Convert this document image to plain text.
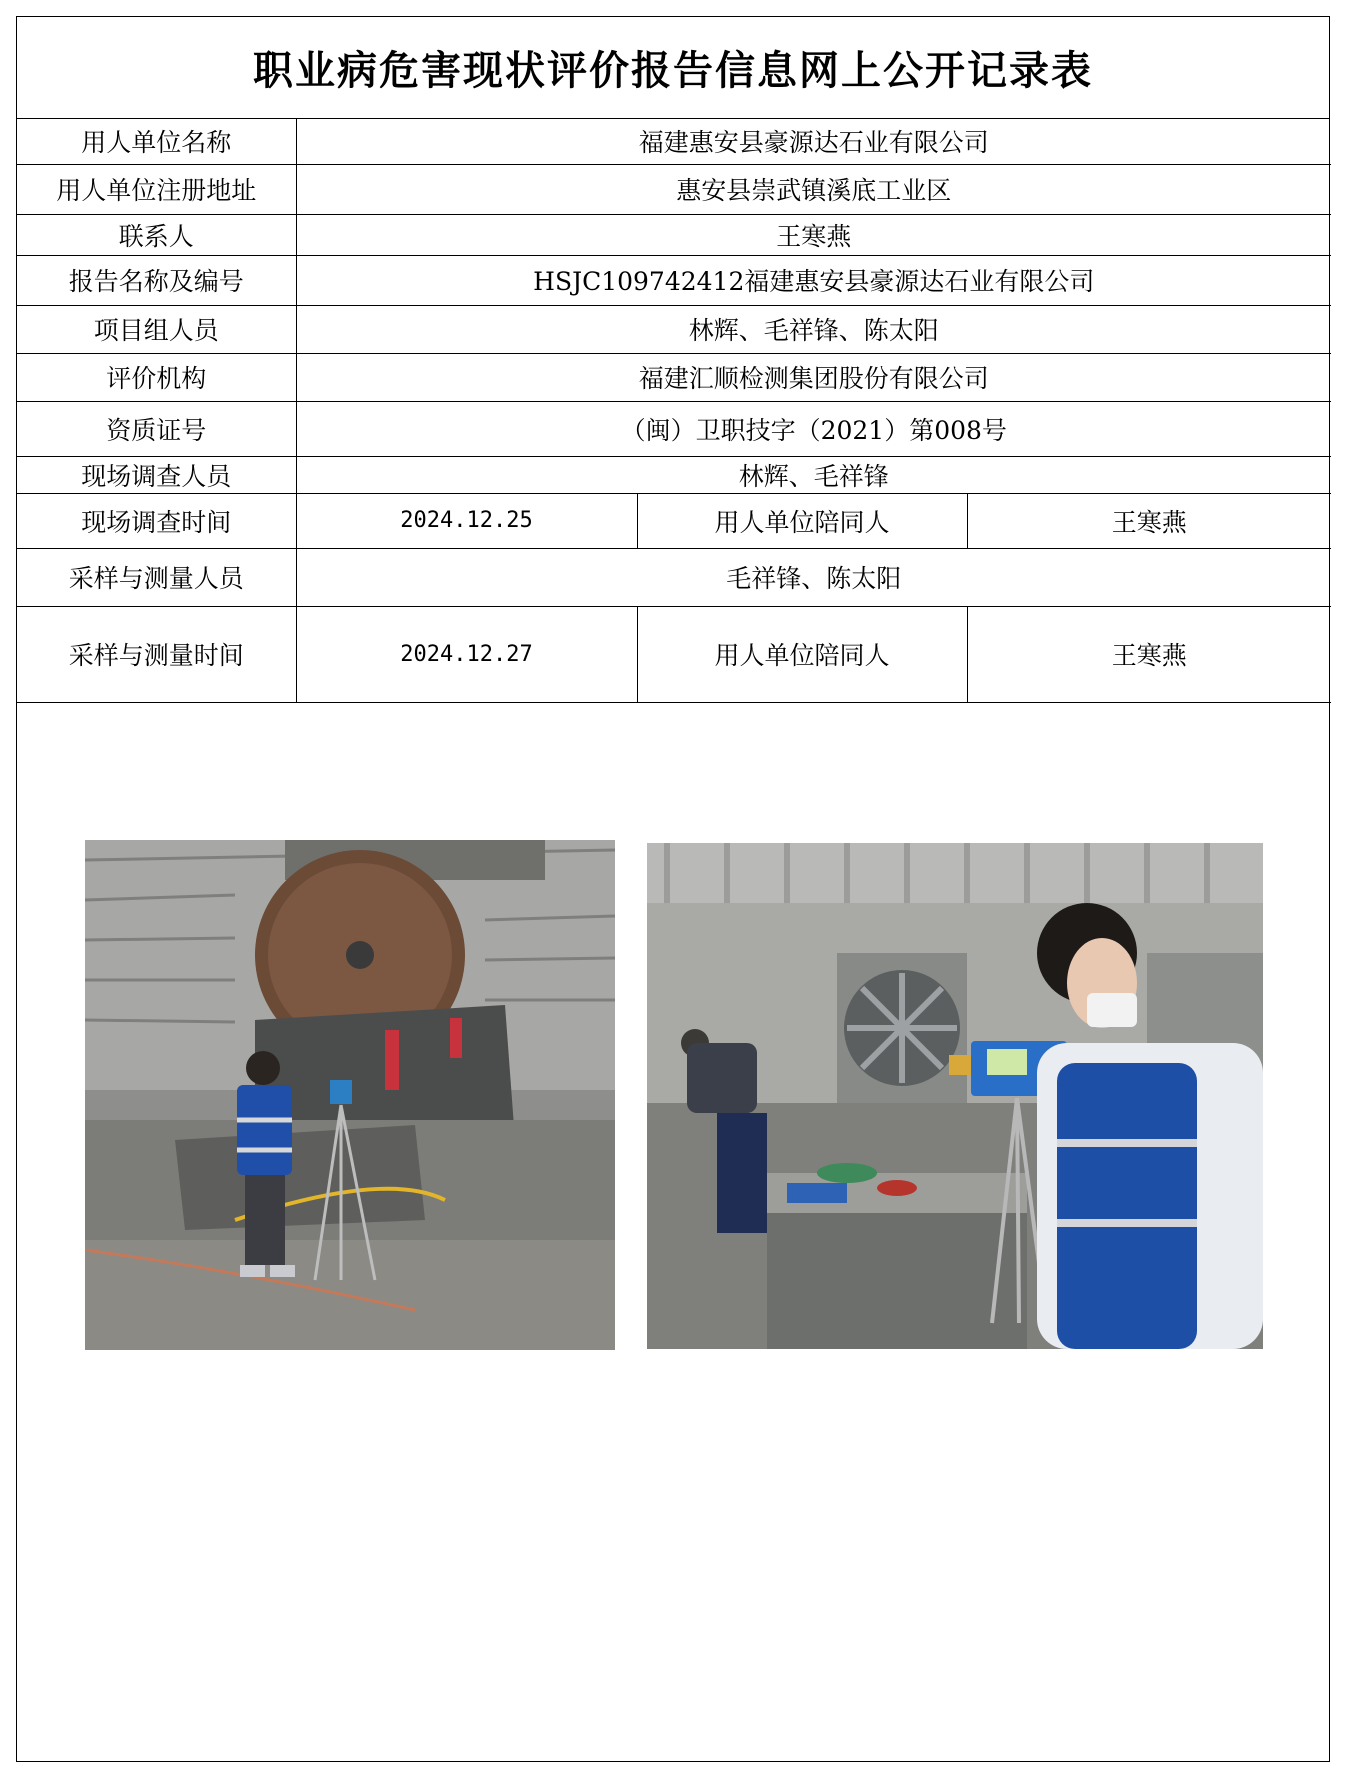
职业病危害现状评价报告信息网上公开记录表
用人单位名称	福建惠安县豪源达石业有限公司		
用人单位注册地址	惠安县崇武镇溪底工业区		
联系人	王寒燕		
报告名称及编号	HSJC109742412福建惠安县豪源达石业有限公司		
项目组人员	林辉、毛祥锋、陈太阳		
评价机构	福建汇顺检测集团股份有限公司		
资质证号	（闽）卫职技字（2021）第008号		
现场调查人员	林辉、毛祥锋		
现场调查时间	2024.12.25	用人单位陪同人	王寒燕
采样与测量人员	毛祥锋、陈太阳		
采样与测量时间	2024.12.27	用人单位陪同人	王寒燕
